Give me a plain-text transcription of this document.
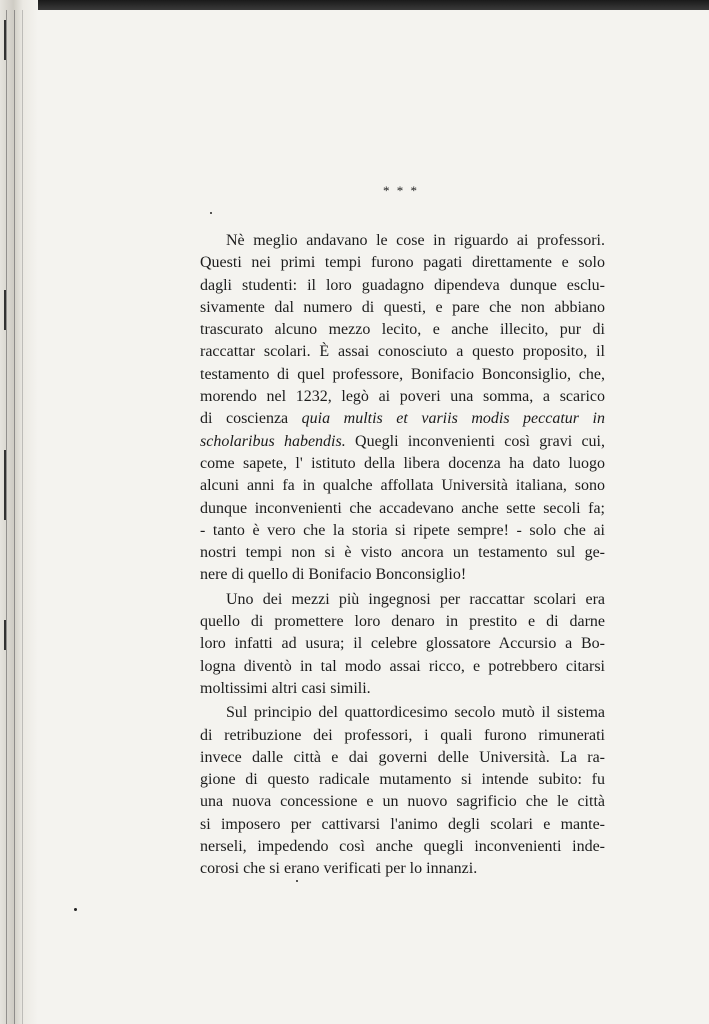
* * *

Nè meglio andavano le cose in riguardo ai professori.
Questi nei primi tempi furono pagati direttamente e solo
dagli studenti: il loro guadagno dipendeva dunque esclu-
sivamente dal numero di questi, e pare che non abbiano
trascurato alcuno mezzo lecito, e anche illecito, pur di
raccattar scolari. È assai conosciuto a questo proposito, il
testamento di quel professore, Bonifacio Bonconsiglio, che,
morendo nel 1232, legò ai poveri una somma, a scarico
di coscienza quia multis et variis modis peccatur in
scholaribus habendis. Quegli inconvenienti così gravi cui,
come sapete, l' istituto della libera docenza ha dato luogo
alcuni anni fa in qualche affollata Università italiana, sono
dunque inconvenienti che accadevano anche sette secoli fa;
- tanto è vero che la storia si ripete sempre! - solo che ai
nostri tempi non si è visto ancora un testamento sul ge-
nere di quello di Bonifacio Bonconsiglio!

Uno dei mezzi più ingegnosi per raccattar scolari era
quello di promettere loro denaro in prestito e di darne
loro infatti ad usura; il celebre glossatore Accursio a Bo-
logna diventò in tal modo assai ricco, e potrebbero citarsi
moltissimi altri casi simili.

Sul principio del quattordicesimo secolo mutò il sistema
di retribuzione dei professori, i quali furono rimunerati
invece dalle città e dai governi delle Università. La ra-
gione di questo radicale mutamento si intende subito: fu
una nuova concessione e un nuovo sagrificio che le città
si imposero per cattivarsi l'animo degli scolari e mante-
nerseli, impedendo così anche quegli inconvenienti inde-
corosi che si erano verificati per lo innanzi.
